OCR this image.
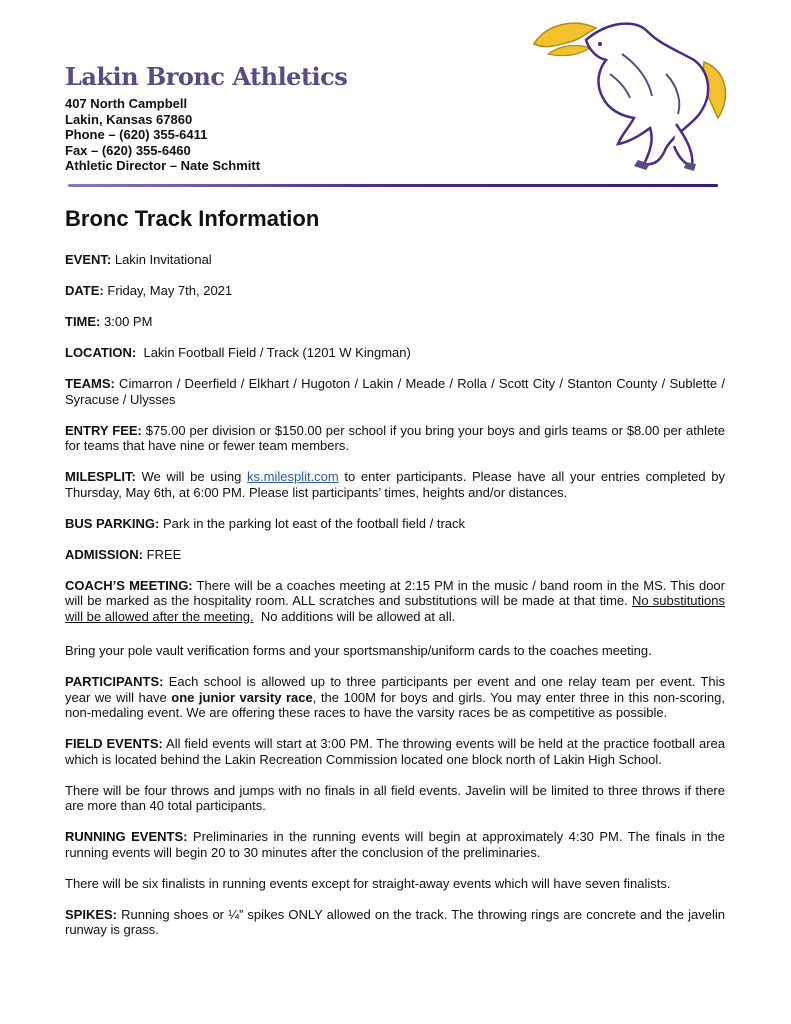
Lakin Bronc Athletics
407 North Campbell
Lakin, Kansas 67860
Phone – (620) 355-6411
Fax – (620) 355-6460
Athletic Director – Nate Schmitt
Bronc Track Information

EVENT: Lakin Invitational

DATE: Friday, May 7th, 2021

TIME: 3:00 PM

LOCATION:  Lakin Football Field / Track (1201 W Kingman)

TEAMS: Cimarron / Deerfield / Elkhart / Hugoton / Lakin / Meade / Rolla / Scott City / Stanton County / Sublette / Syracuse / Ulysses

ENTRY FEE: $75.00 per division or $150.00 per school if you bring your boys and girls teams or $8.00 per athlete for teams that have nine or fewer team members.

MILESPLIT: We will be using ks.milesplit.com to enter participants. Please have all your entries completed by Thursday, May 6th, at 6:00 PM. Please list participants’ times, heights and/or distances.

BUS PARKING: Park in the parking lot east of the football field / track

ADMISSION: FREE

COACH’S MEETING: There will be a coaches meeting at 2:15 PM in the music / band room in the MS. This door will be marked as the hospitality room. ALL scratches and substitutions will be made at that time. No substitutions will be allowed after the meeting.  No additions will be allowed at all.

Bring your pole vault verification forms and your sportsmanship/uniform cards to the coaches meeting.

PARTICIPANTS: Each school is allowed up to three participants per event and one relay team per event. This year we will have one junior varsity race, the 100M for boys and girls. You may enter three in this non-scoring, non-medaling event. We are offering these races to have the varsity races be as competitive as possible.

FIELD EVENTS: All field events will start at 3:00 PM. The throwing events will be held at the practice football area which is located behind the Lakin Recreation Commission located one block north of Lakin High School.

There will be four throws and jumps with no finals in all field events. Javelin will be limited to three throws if there are more than 40 total participants.

RUNNING EVENTS: Preliminaries in the running events will begin at approximately 4:30 PM. The finals in the running events will begin 20 to 30 minutes after the conclusion of the preliminaries.

There will be six finalists in running events except for straight-away events which will have seven finalists.

SPIKES: Running shoes or ¼” spikes ONLY allowed on the track. The throwing rings are concrete and the javelin runway is grass.
